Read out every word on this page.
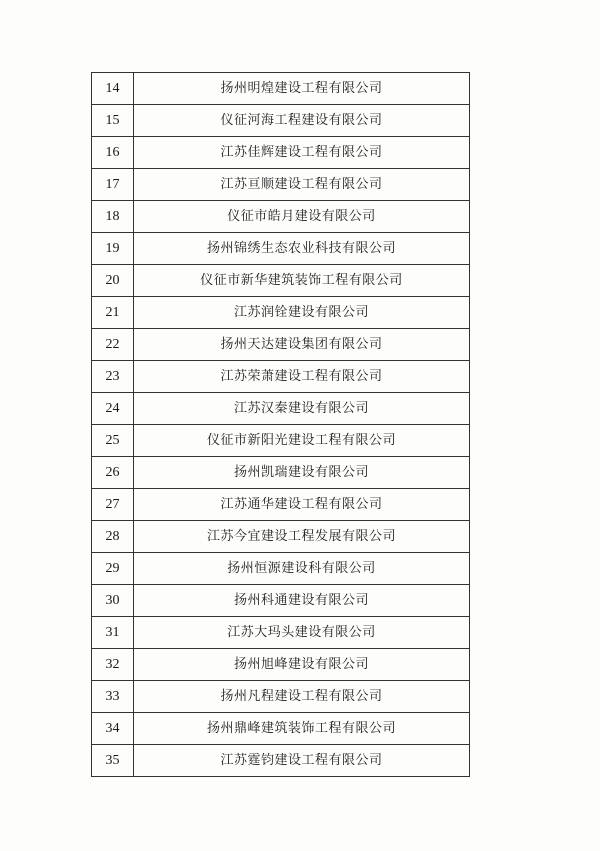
14	扬州明煌建设工程有限公司
15	仪征河海工程建设有限公司
16	江苏佳辉建设工程有限公司
17	江苏亘顺建设工程有限公司
18	仪征市皓月建设有限公司
19	扬州锦绣生态农业科技有限公司
20	仪征市新华建筑装饰工程有限公司
21	江苏润铨建设有限公司
22	扬州天达建设集团有限公司
23	江苏荣萧建设工程有限公司
24	江苏汉秦建设有限公司
25	仪征市新阳光建设工程有限公司
26	扬州凯瑞建设有限公司
27	江苏通华建设工程有限公司
28	江苏今宜建设工程发展有限公司
29	扬州恒源建设科有限公司
30	扬州科通建设有限公司
31	江苏大玛头建设有限公司
32	扬州旭峰建设有限公司
33	扬州凡程建设工程有限公司
34	扬州鼎峰建筑装饰工程有限公司
35	江苏霆钧建设工程有限公司
